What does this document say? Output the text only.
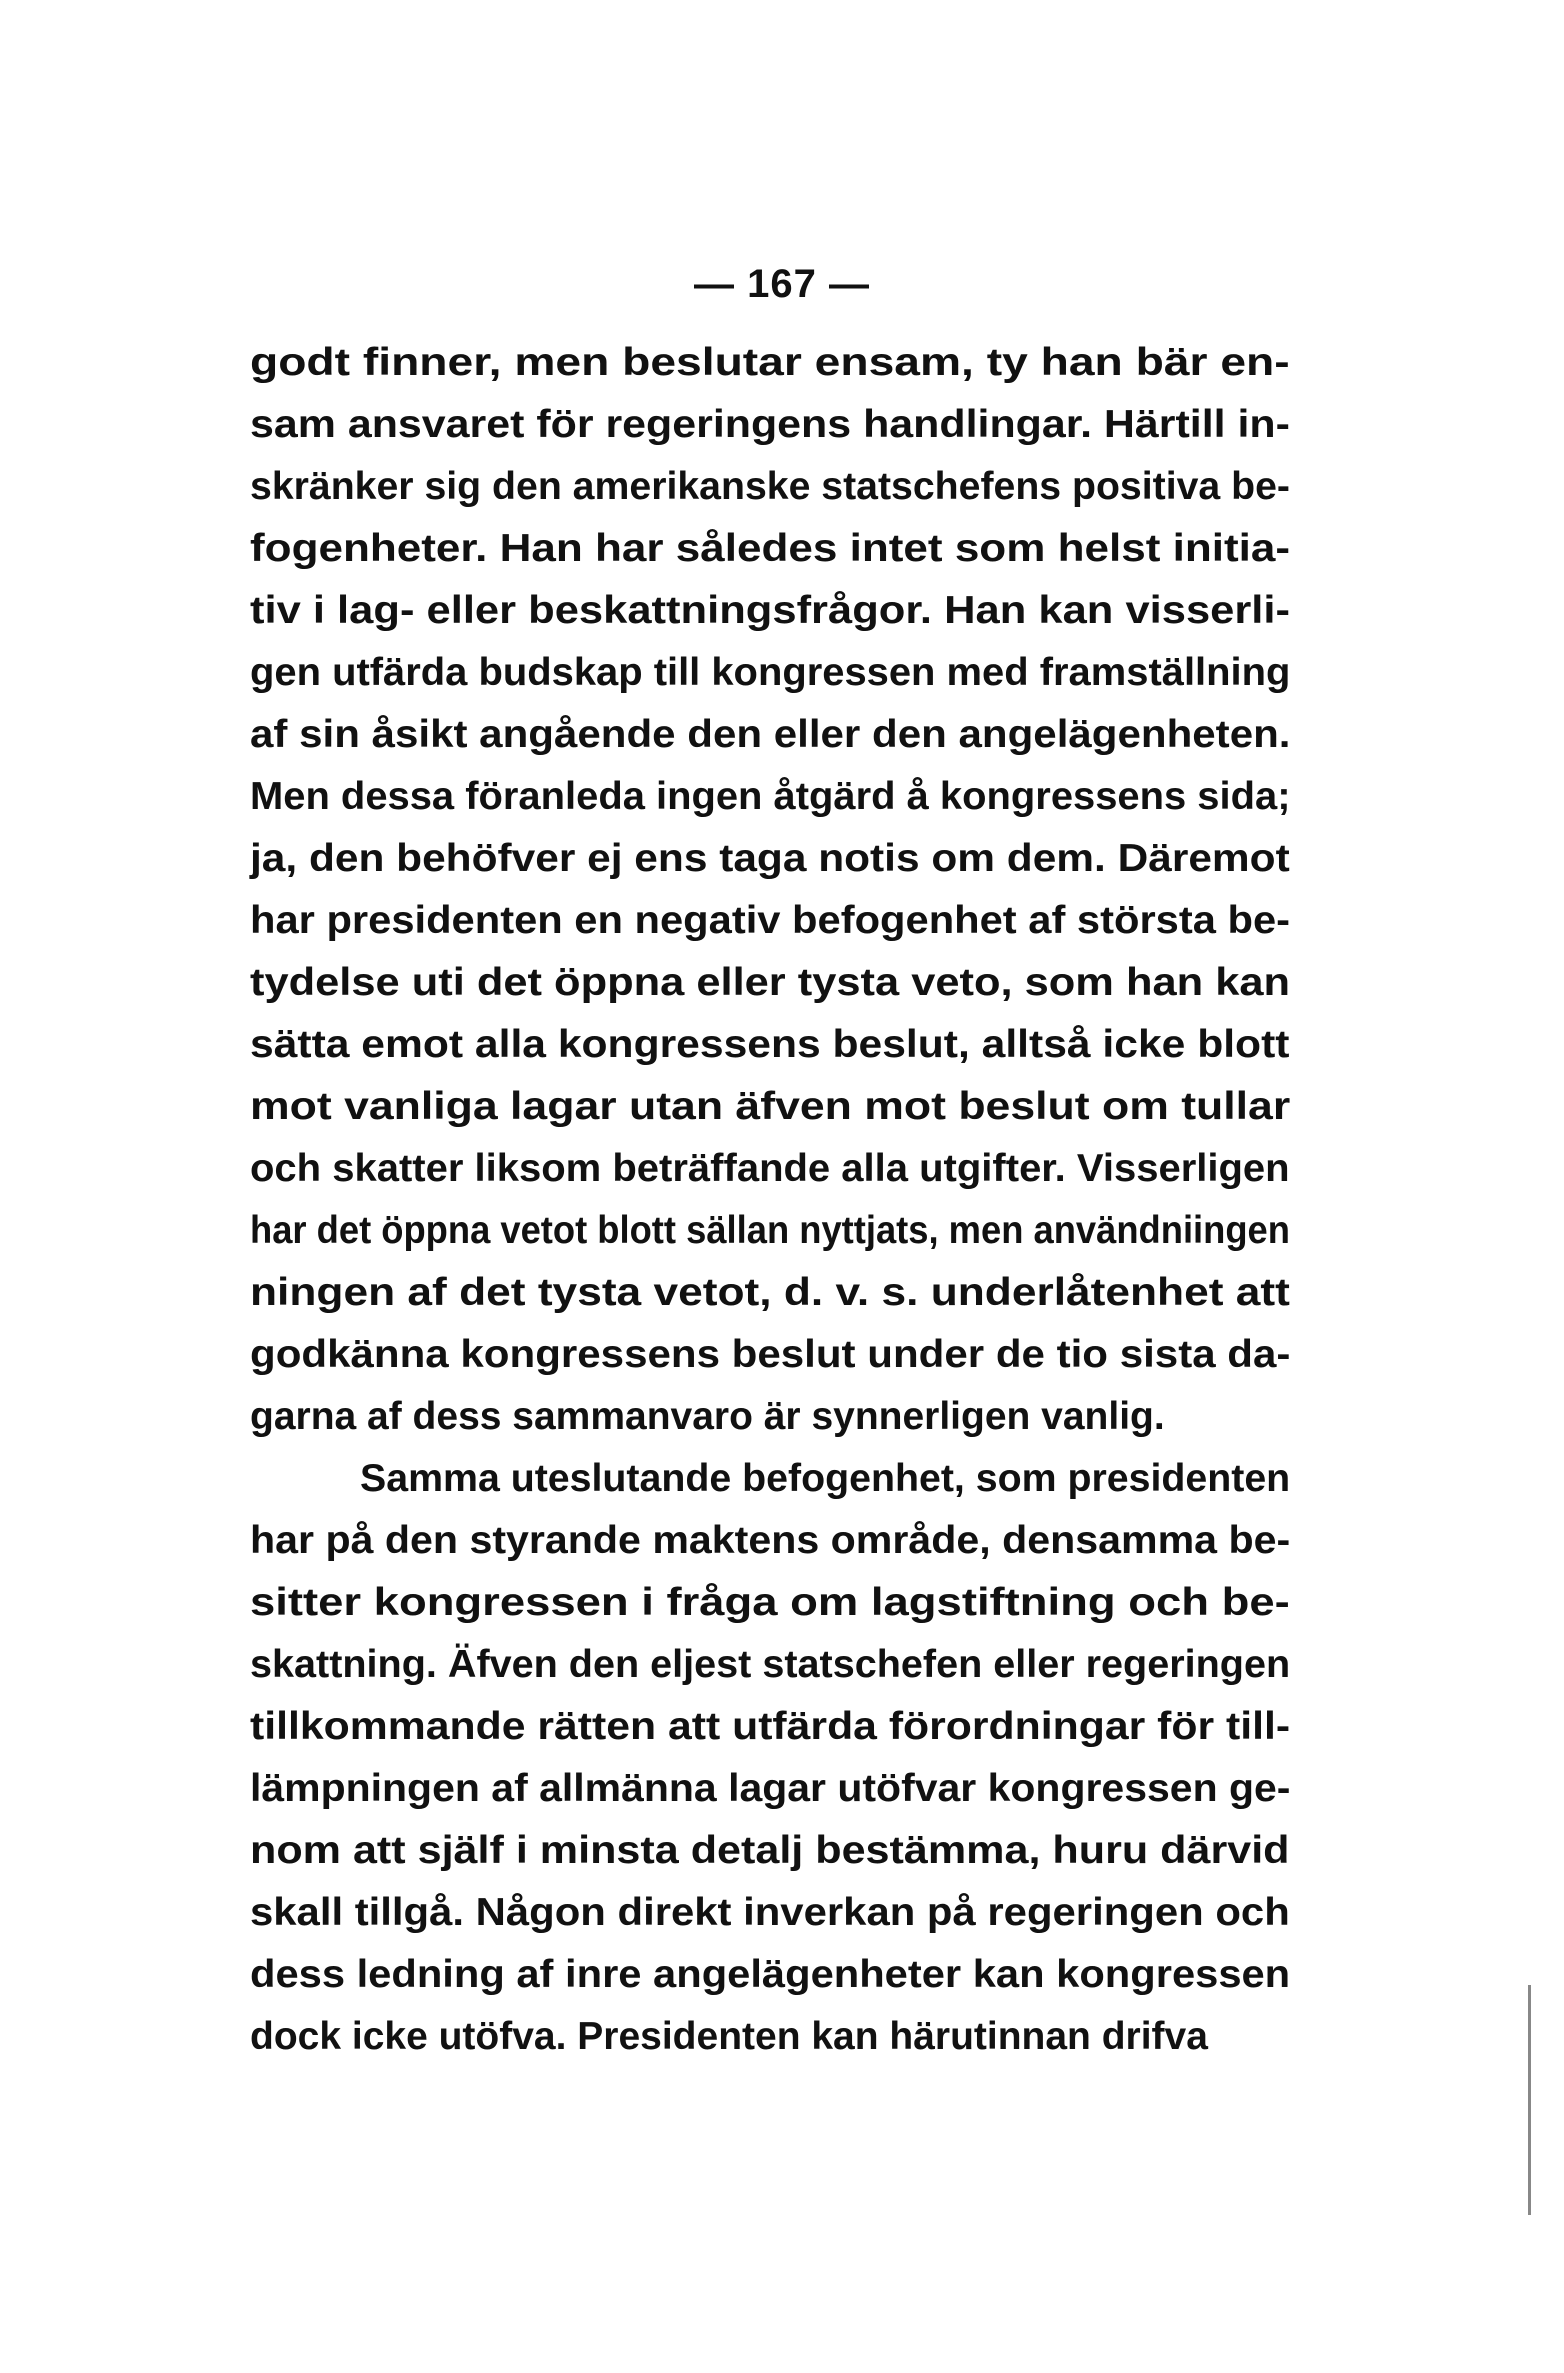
— 167 —
godt finner, men beslutar ensam, ty han bär en-
sam ansvaret för regeringens handlingar. Härtill in-
skränker sig den amerikanske statschefens positiva be-
fogenheter. Han har således intet som helst initia-
tiv i lag- eller beskattningsfrågor. Han kan visserli-
gen utfärda budskap till kongressen med framställning
af sin åsikt angående den eller den angelägenheten.
Men dessa föranleda ingen åtgärd å kongressens sida;
ja, den behöfver ej ens taga notis om dem. Däremot
har presidenten en negativ befogenhet af största be-
tydelse uti det öppna eller tysta veto, som han kan
sätta emot alla kongressens beslut, alltså icke blott
mot vanliga lagar utan äfven mot beslut om tullar
och skatter liksom beträffande alla utgifter. Visserligen
har det öppna vetot blott sällan nyttjats, men användniingen
ningen af det tysta vetot, d. v. s. underlåtenhet att
godkänna kongressens beslut under de tio sista da-
garna af dess sammanvaro är synnerligen vanlig.
Samma uteslutande befogenhet, som presidenten
har på den styrande maktens område, densamma be-
sitter kongressen i fråga om lagstiftning och be-
skattning. Äfven den eljest statschefen eller regeringen
tillkommande rätten att utfärda förordningar för till-
lämpningen af allmänna lagar utöfvar kongressen ge-
nom att själf i minsta detalj bestämma, huru därvid
skall tillgå. Någon direkt inverkan på regeringen och
dess ledning af inre angelägenheter kan kongressen
dock icke utöfva. Presidenten kan härutinnan drifva
